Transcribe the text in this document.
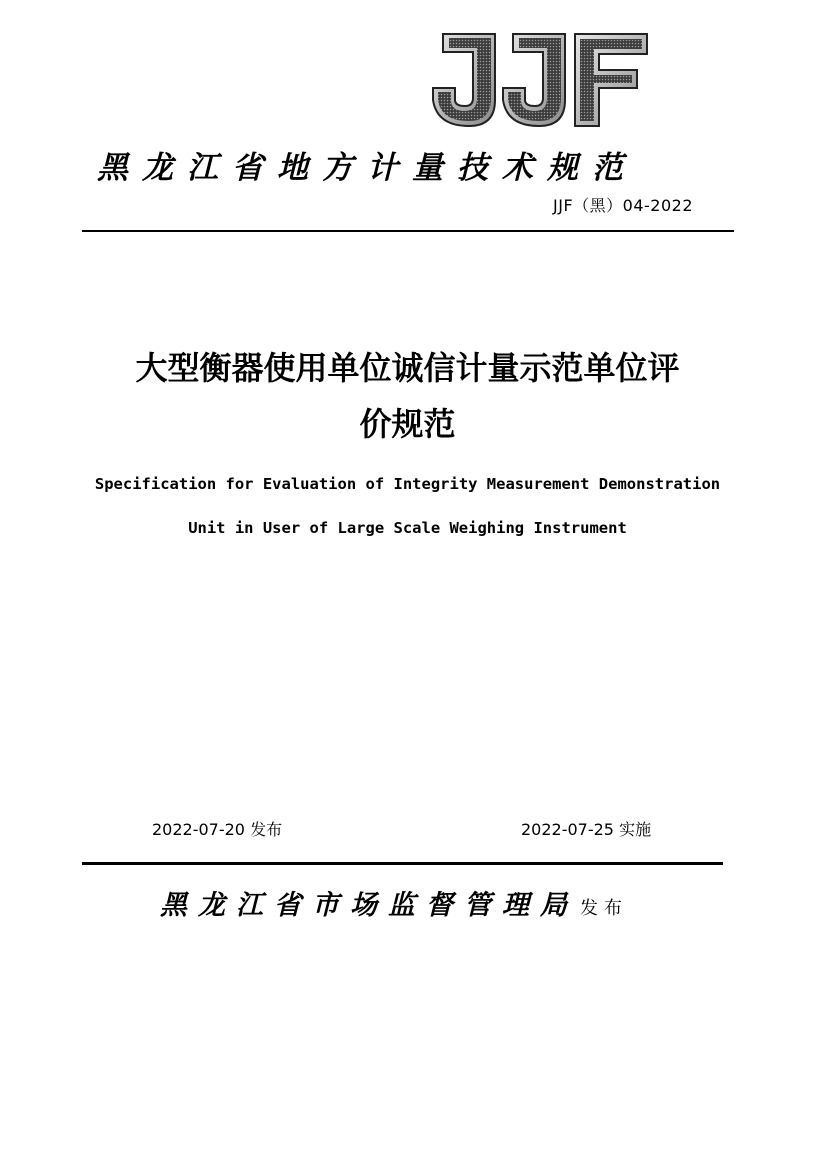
黑龙江省地方计量技术规范
JJF（黑）04-2022
大型衡器使用单位诚信计量示范单位评
价规范
Specification for Evaluation of Integrity Measurement Demonstration
Unit in User of Large Scale Weighing Instrument
2022-07-20 发布	2022-07-25 实施
黑龙江省市场监督管理局 发布
